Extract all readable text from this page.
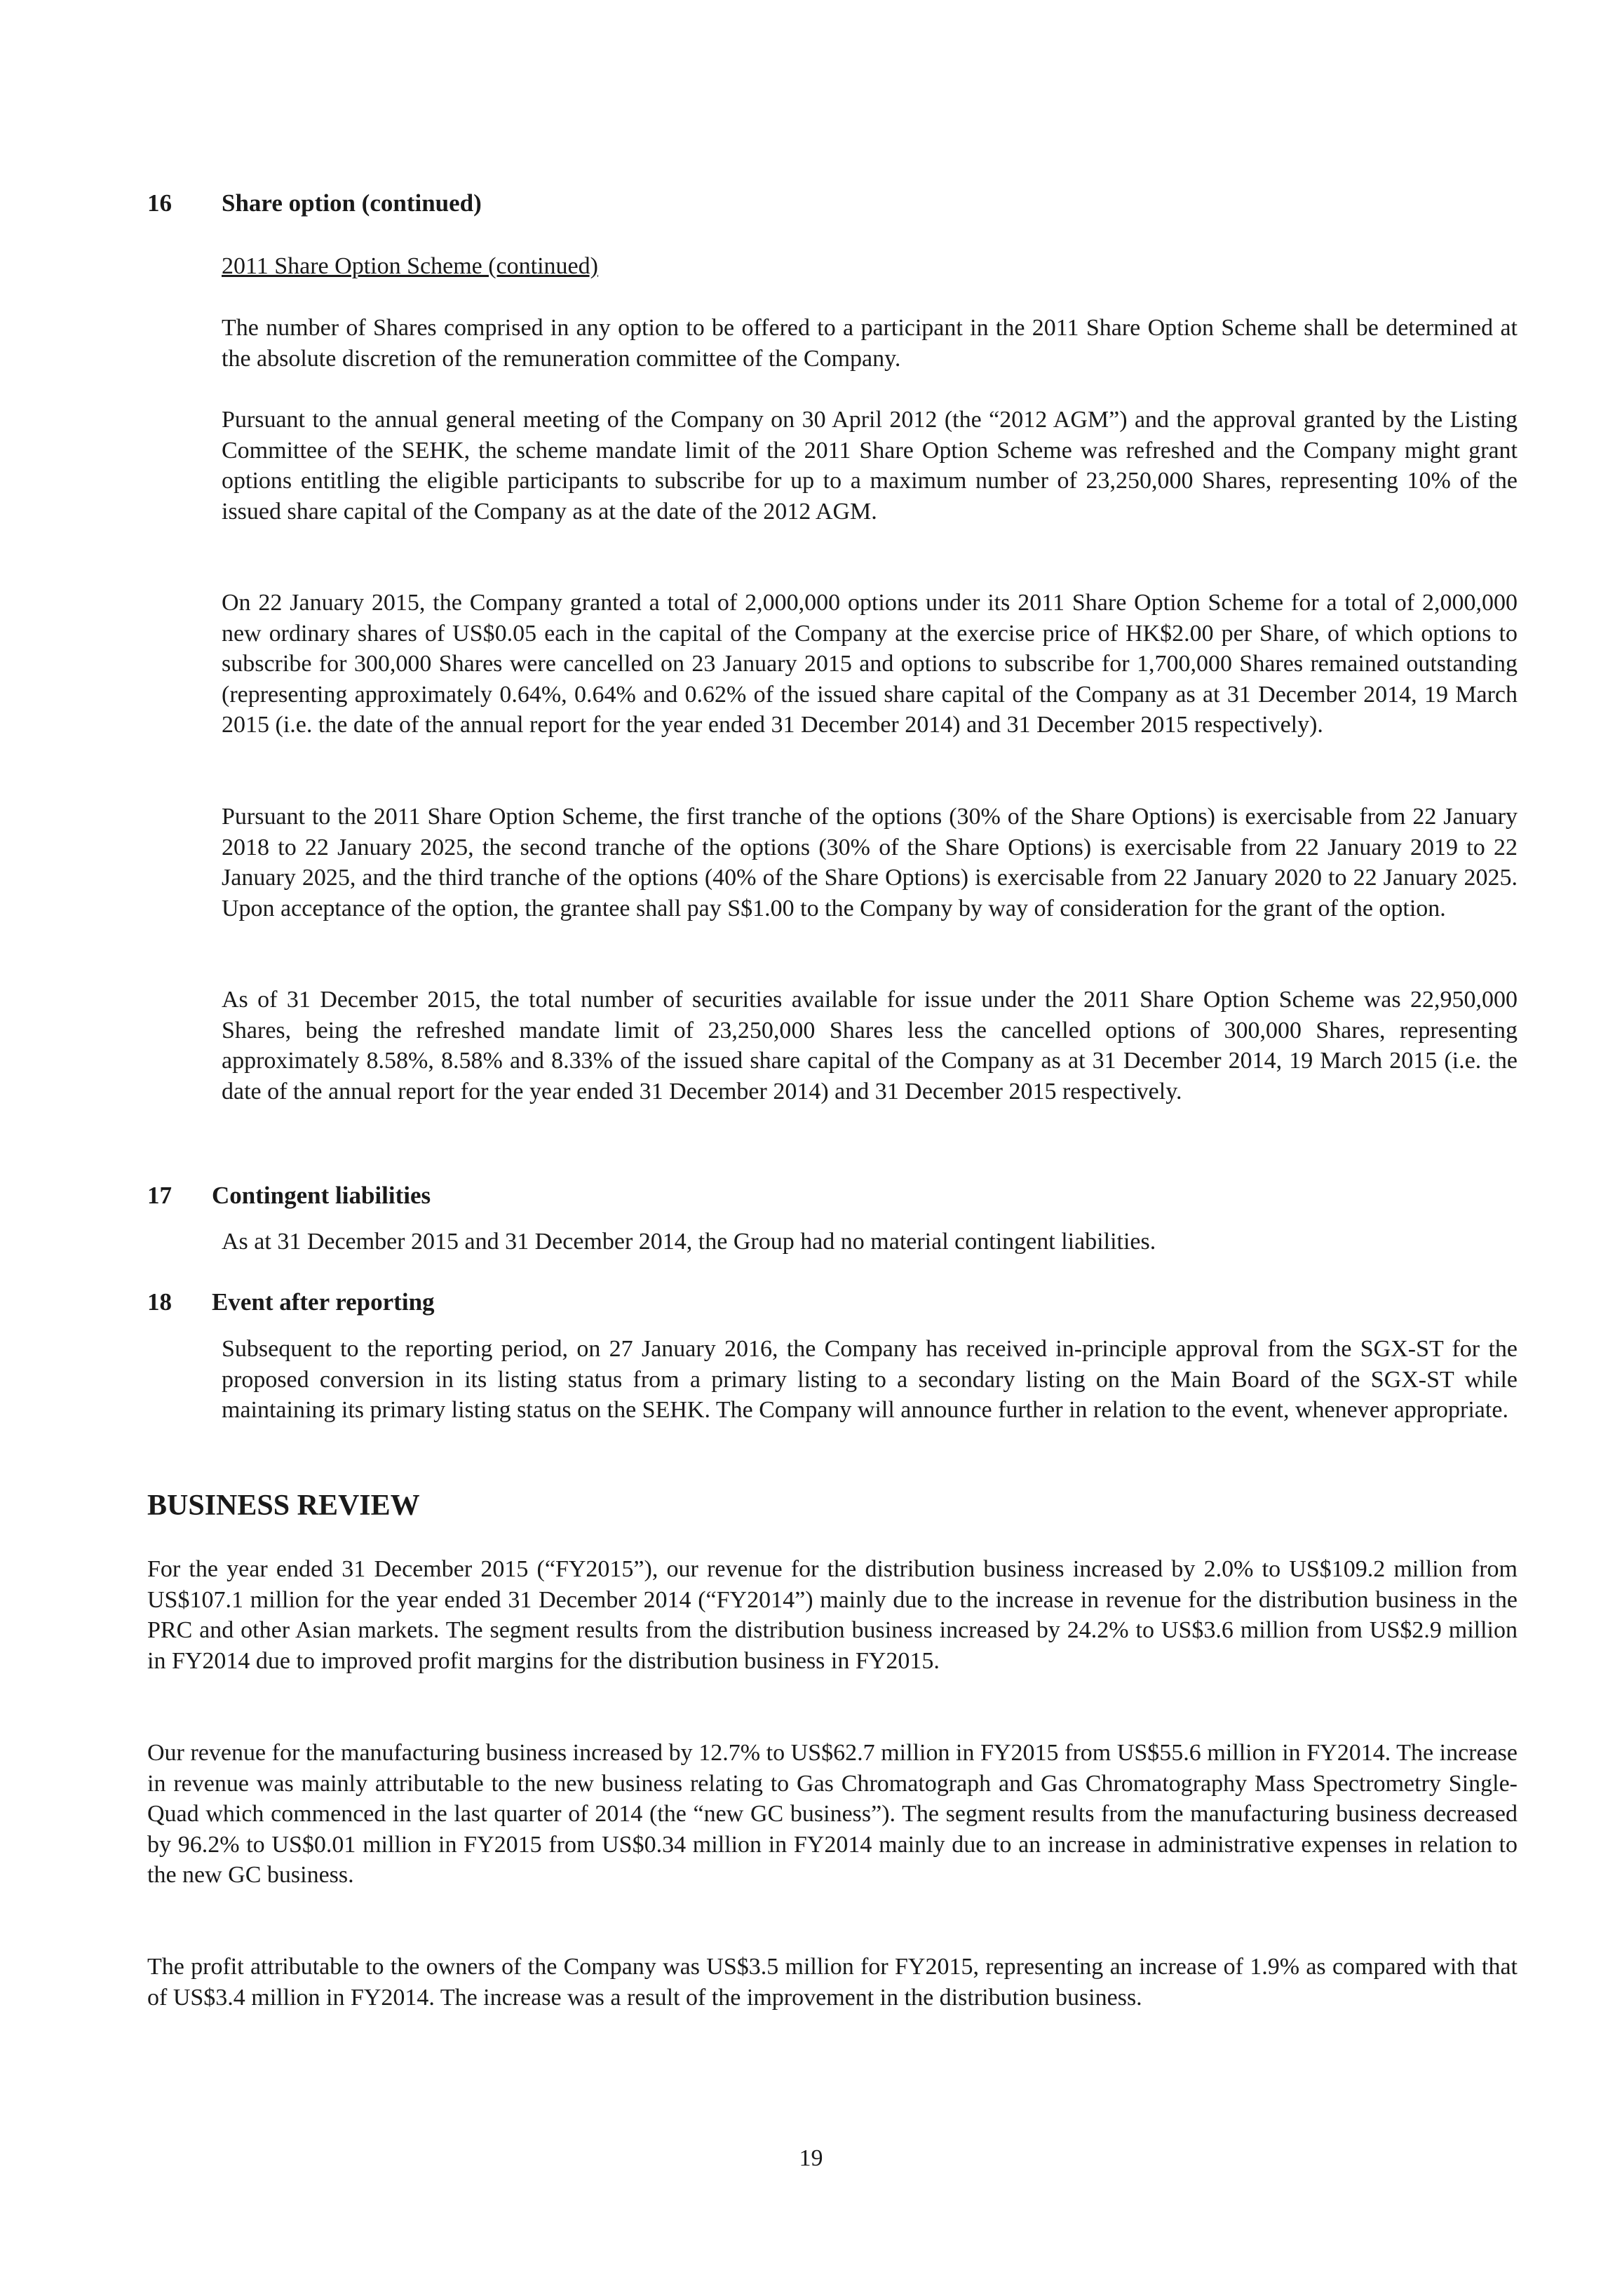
16 Share option (continued)
2011 Share Option Scheme (continued)

The number of Shares comprised in any option to be offered to a participant in the 2011 Share Option Scheme shall be determined at the absolute discretion of the remuneration committee of the Company.

Pursuant to the annual general meeting of the Company on 30 April 2012 (the “2012 AGM”) and the approval granted by the Listing Committee of the SEHK, the scheme mandate limit of the 2011 Share Option Scheme was refreshed and the Company might grant options entitling the eligible participants to subscribe for up to a maximum number of 23,250,000 Shares, representing 10% of the issued share capital of the Company as at the date of the 2012 AGM.

On 22 January 2015, the Company granted a total of 2,000,000 options under its 2011 Share Option Scheme for a total of 2,000,000 new ordinary shares of US$0.05 each in the capital of the Company at the exercise price of HK$2.00 per Share, of which options to subscribe for 300,000 Shares were cancelled on 23 January 2015 and options to subscribe for 1,700,000 Shares remained outstanding (representing approximately 0.64%, 0.64% and 0.62% of the issued share capital of the Company as at 31 December 2014, 19 March 2015 (i.e. the date of the annual report for the year ended 31 December 2014) and 31 December 2015 respectively).

Pursuant to the 2011 Share Option Scheme, the first tranche of the options (30% of the Share Options) is exercisable from 22 January 2018 to 22 January 2025, the second tranche of the options (30% of the Share Options) is exercisable from 22 January 2019 to 22 January 2025, and the third tranche of the options (40% of the Share Options) is exercisable from 22 January 2020 to 22 January 2025. Upon acceptance of the option, the grantee shall pay S$1.00 to the Company by way of consideration for the grant of the option.

As of 31 December 2015, the total number of securities available for issue under the 2011 Share Option Scheme was 22,950,000 Shares, being the refreshed mandate limit of 23,250,000 Shares less the cancelled options of 300,000 Shares, representing approximately 8.58%, 8.58% and 8.33% of the issued share capital of the Company as at 31 December 2014, 19 March 2015 (i.e. the date of the annual report for the year ended 31 December 2014) and 31 December 2015 respectively.

17 Contingent liabilities

As at 31 December 2015 and 31 December 2014, the Group had no material contingent liabilities.

18 Event after reporting

Subsequent to the reporting period, on 27 January 2016, the Company has received in-principle approval from the SGX-ST for the proposed conversion in its listing status from a primary listing to a secondary listing on the Main Board of the SGX-ST while maintaining its primary listing status on the SEHK. The Company will announce further in relation to the event, whenever appropriate.

BUSINESS REVIEW

For the year ended 31 December 2015 (“FY2015”), our revenue for the distribution business increased by 2.0% to US$109.2 million from US$107.1 million for the year ended 31 December 2014 (“FY2014”) mainly due to the increase in revenue for the distribution business in the PRC and other Asian markets. The segment results from the distribution business increased by 24.2% to US$3.6 million from US$2.9 million in FY2014 due to improved profit margins for the distribution business in FY2015.

Our revenue for the manufacturing business increased by 12.7% to US$62.7 million in FY2015 from US$55.6 million in FY2014. The increase in revenue was mainly attributable to the new business relating to Gas Chromatograph and Gas Chromatography Mass Spectrometry Single-Quad which commenced in the last quarter of 2014 (the “new GC business”). The segment results from the manufacturing business decreased by 96.2% to US$0.01 million in FY2015 from US$0.34 million in FY2014 mainly due to an increase in administrative expenses in relation to the new GC business.

The profit attributable to the owners of the Company was US$3.5 million for FY2015, representing an increase of 1.9% as compared with that of US$3.4 million in FY2014. The increase was a result of the improvement in the distribution business.

19
